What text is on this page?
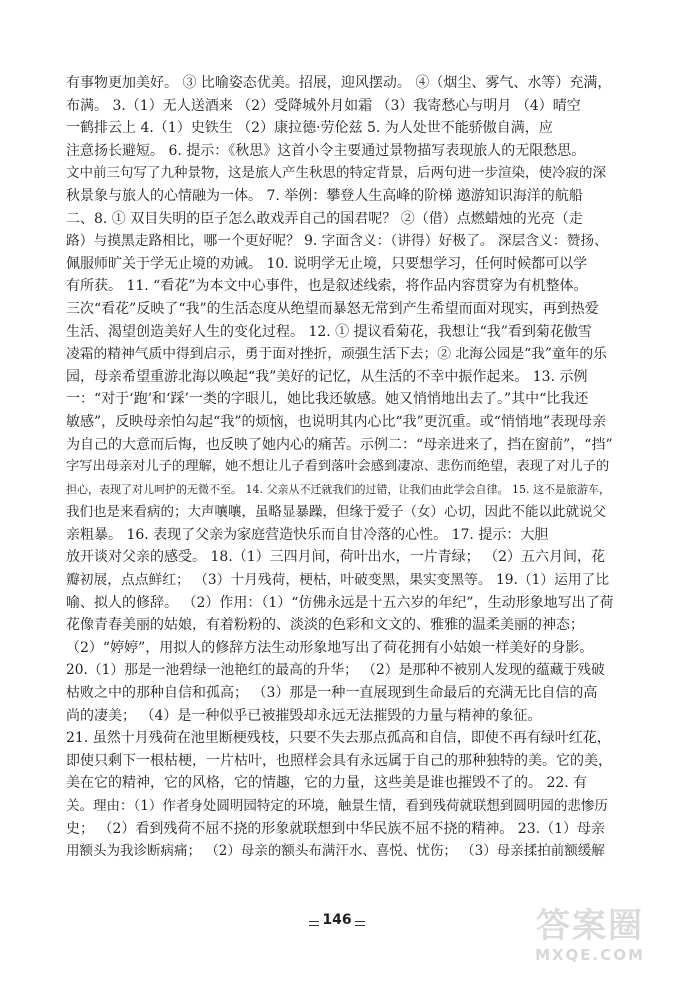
有事物更加美好。 ③ 比喻姿态优美。招展，迎风摆动。 ④（烟尘、雾气、水等）充满，
布满。 3.（1）无人送酒来 （2）受降城外月如霜 （3）我寄愁心与明月 （4）晴空
一鹤排云上 4.（1）史铁生 （2）康拉德·劳伦兹 5. 为人处世不能骄傲自满，应
注意扬长避短。 6. 提示：《秋思》这首小令主要通过景物描写表现旅人的无限愁思。
文中前三句写了九种景物，这是旅人产生秋思的特定背景，后两句进一步渲染，使冷寂的深
秋景象与旅人的心情融为一体。 7. 举例：攀登人生高峰的阶梯 遨游知识海洋的航船
二、8. ① 双目失明的臣子怎么敢戏弄自己的国君呢？ ②（借）点燃蜡烛的光亮（走
路）与摸黑走路相比，哪一个更好呢？ 9. 字面含义：（讲得）好极了。 深层含义：赞扬、
佩服师旷关于学无止境的劝诫。 10. 说明学无止境，只要想学习，任何时候都可以学
有所获。 11. “看花”为本文中心事件，也是叙述线索，将作品内容贯穿为有机整体。
三次“看花”反映了“我”的生活态度从绝望而暴怒无常到产生希望而面对现实，再到热爱
生活、渴望创造美好人生的变化过程。 12. ① 提议看菊花，我想让“我”看到菊花傲雪
凌霜的精神气质中得到启示，勇于面对挫折，顽强生活下去；② 北海公园是“我”童年的乐
园，母亲希望重游北海以唤起“我”美好的记忆，从生活的不幸中振作起来。 13. 示例
一：“对于‘跑’和‘踩’一类的字眼儿，她比我还敏感。她又悄悄地出去了。”其中“比我还
敏感”，反映母亲怕勾起“我”的烦恼，也说明其内心比“我”更沉重。或“悄悄地”表现母亲
为自己的大意而后悔，也反映了她内心的痛苦。示例二：“母亲进来了，挡在窗前”，“挡”
字写出母亲对儿子的理解，她不想让儿子看到落叶会感到凄凉、悲伤而绝望，表现了对儿子的
担心，表现了对儿呵护的无微不至。 14. 父亲从不迁就我们的过错，让我们由此学会自律。 15. 这不是旅游车，
我们也是来看病的；大声嚷嚷，虽略显暴躁，但缘于爱子（女）心切，因此不能以此就说父
亲粗暴。 16. 表现了父亲为家庭营造快乐而自甘冷落的心性。 17. 提示：大胆
放开谈对父亲的感受。 18.（1）三四月间，荷叶出水，一片青绿； （2）五六月间，花
瓣初展，点点鲜红； （3）十月残荷，梗枯，叶破变黑，果实变黑等。 19.（1）运用了比
喻、拟人的修辞。 （2）作用：（1）“仿佛永远是十五六岁的年纪”，生动形象地写出了荷
花像青春美丽的姑娘，有着粉粉的、淡淡的色彩和文文的、雅雅的温柔美丽的神态；
（2）“婷婷”，用拟人的修辞方法生动形象地写出了荷花拥有小姑娘一样美好的身影。
20.（1）那是一池碧绿一池艳红的最高的升华； （2）是那种不被别人发现的蕴藏于残破
枯败之中的那种自信和孤高； （3）那是一种一直展现到生命最后的充满无比自信的高
尚的凄美； （4）是一种似乎已被摧毁却永远无法摧毁的力量与精神的象征。
21. 虽然十月残荷在池里断梗残枝，只要不失去那点孤高和自信，即使不再有绿叶红花，
即使只剩下一根枯梗，一片枯叶，也照样会具有永远属于自己的那种独特的美。它的美，
美在它的精神，它的风格，它的情趣，它的力量，这些美是谁也摧毁不了的。 22. 有
关。理由：（1）作者身处圆明园特定的环境，触景生情，看到残荷就联想到圆明园的悲惨历
史； （2）看到残荷不屈不挠的形象就联想到中华民族不屈不挠的精神。 23.（1）母亲
用额头为我诊断病痛； （2）母亲的额头布满汗水、喜悦、忧伤； （3）母亲揉拍前额缓解
146	答案圈
MXQE.COM
